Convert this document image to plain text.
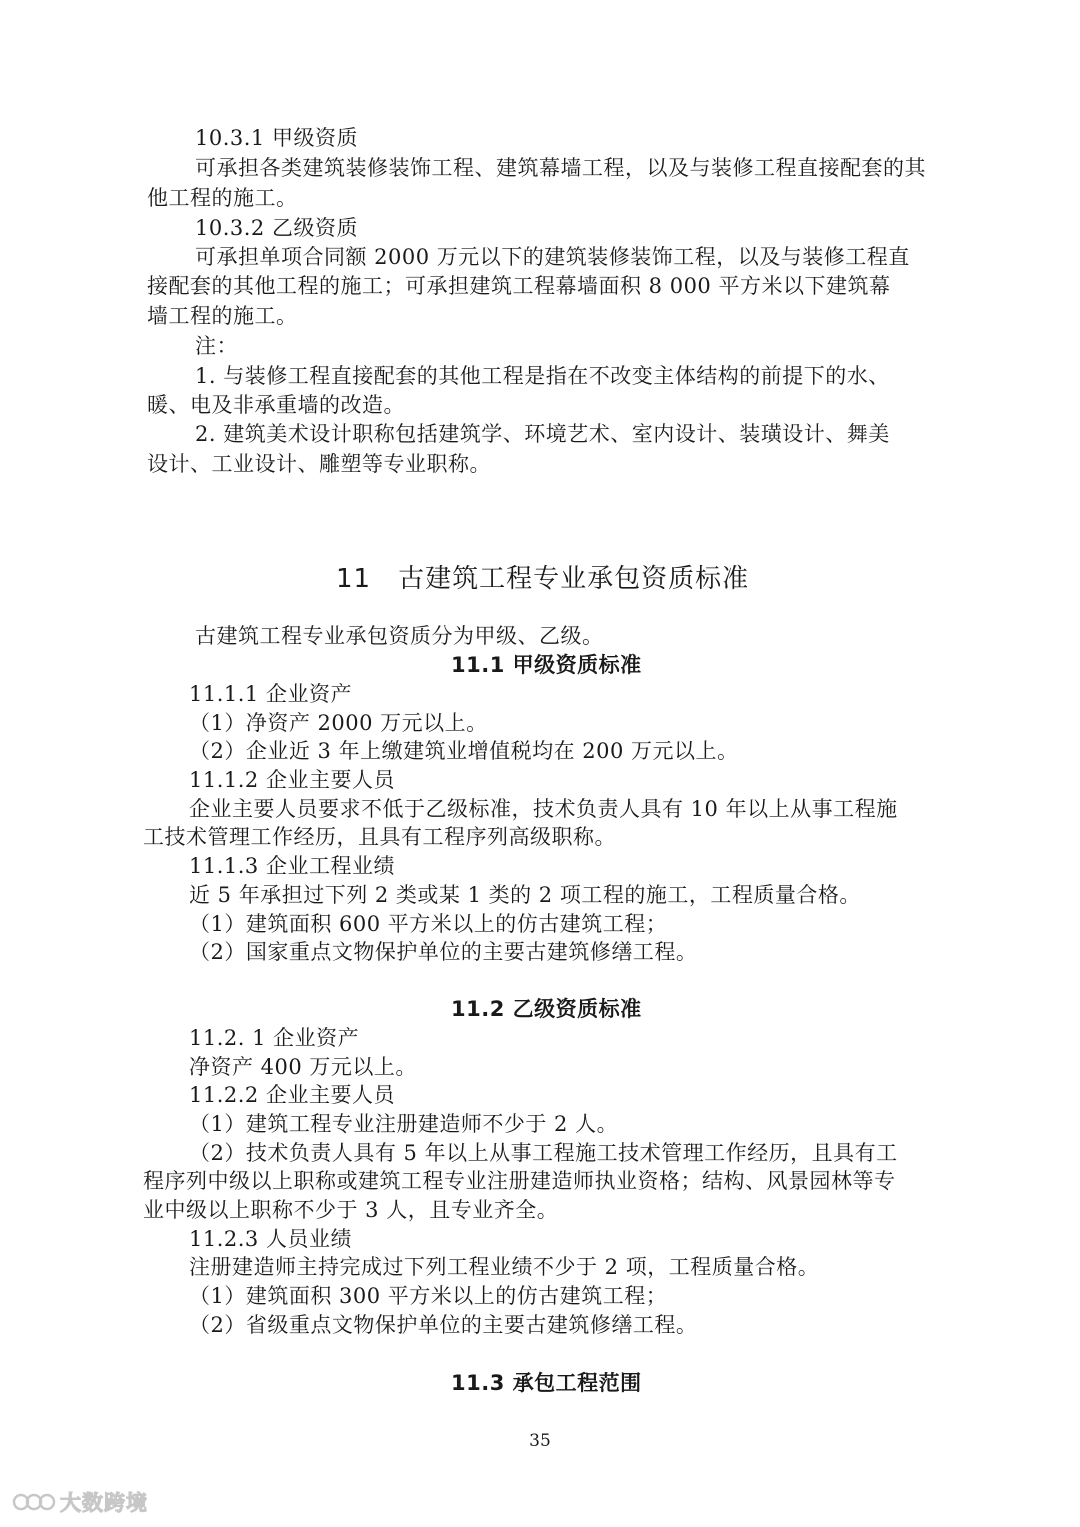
10.3.1 甲级资质
可承担各类建筑装修装饰工程、建筑幕墙工程，以及与装修工程直接配套的其
他工程的施工。
10.3.2 乙级资质
可承担单项合同额 2000 万元以下的建筑装修装饰工程，以及与装修工程直
接配套的其他工程的施工；可承担建筑工程幕墙面积 8 000 平方米以下建筑幕
墙工程的施工。
注：
1. 与装修工程直接配套的其他工程是指在不改变主体结构的前提下的水、
暖、电及非承重墙的改造。
2. 建筑美术设计职称包括建筑学、环境艺术、室内设计、装璜设计、舞美
设计、工业设计、雕塑等专业职称。
11　古建筑工程专业承包资质标准
古建筑工程专业承包资质分为甲级、乙级。
11.1 甲级资质标准
11.1.1 企业资产
（1）净资产 2000 万元以上。
（2）企业近 3 年上缴建筑业增值税均在 200 万元以上。
11.1.2 企业主要人员
企业主要人员要求不低于乙级标准，技术负责人具有 10 年以上从事工程施
工技术管理工作经历，且具有工程序列高级职称。
11.1.3 企业工程业绩
近 5 年承担过下列 2 类或某 1 类的 2 项工程的施工，工程质量合格。
（1）建筑面积 600 平方米以上的仿古建筑工程；
（2）国家重点文物保护单位的主要古建筑修缮工程。
11.2 乙级资质标准
11.2. 1 企业资产
净资产 400 万元以上。
11.2.2 企业主要人员
（1）建筑工程专业注册建造师不少于 2 人。
（2）技术负责人具有 5 年以上从事工程施工技术管理工作经历，且具有工
程序列中级以上职称或建筑工程专业注册建造师执业资格；结构、风景园林等专
业中级以上职称不少于 3 人，且专业齐全。
11.2.3 人员业绩
注册建造师主持完成过下列工程业绩不少于 2 项，工程质量合格。
（1）建筑面积 300 平方米以上的仿古建筑工程；
（2）省级重点文物保护单位的主要古建筑修缮工程。
11.3 承包工程范围
35
大数跨境
